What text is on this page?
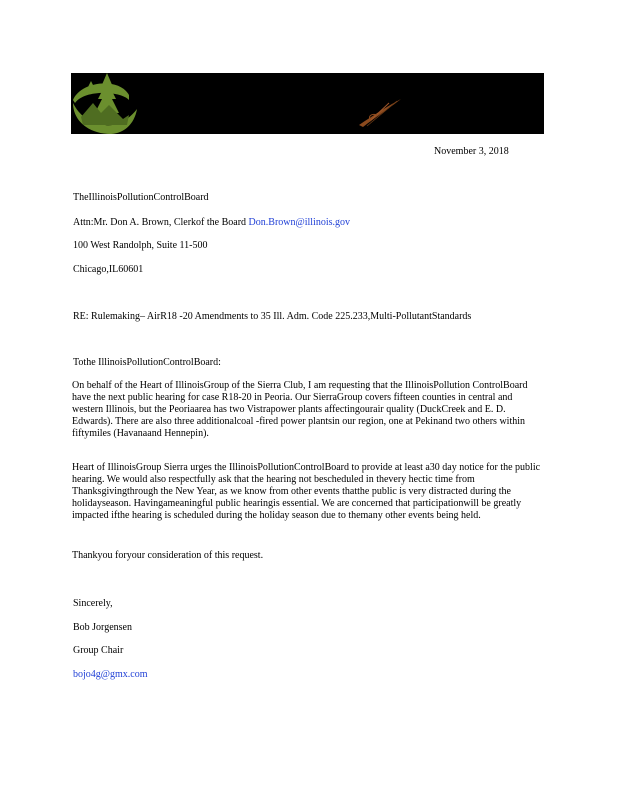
November 3, 2018
TheIllinoisPollutionControlBoard
Attn:Mr. Don A. Brown, Clerkof the Board Don.Brown@illinois.gov
100 West Randolph, Suite 11-500
Chicago,IL60601
RE: Rulemaking– AirR18 -20 Amendments to 35 Ill. Adm. Code 225.233,Multi-PollutantStandards
Tothe IllinoisPollutionControlBoard:
On behalf of the Heart of IllinoisGroup of the Sierra Club, I am requesting that the IllinoisPollution ControlBoard have the next public hearing for case R18-20 in Peoria. Our SierraGroup covers fifteen counties in central and western Illinois, but the Peoriaarea has two Vistrapower plants affectingourair quality (DuckCreek and E. D. Edwards). There are also three additionalcoal -fired power plantsin our region, one at Pekinand two others within fiftymiles (Havanaand Hennepin).
Heart of IllinoisGroup Sierra urges the IllinoisPollutionControlBoard to provide at least a30 day notice for the public hearing. We would also respectfully ask that the hearing not bescheduled in thevery hectic time from Thanksgivingthrough the New Year, as we know from other events thatthe public is very distracted during the holidayseason. Havingameaningful public hearingis essential. We are concerned that participationwill be greatly impacted ifthe hearing is scheduled during the holiday season due to themany other events being held.
Thankyou foryour consideration of this request.
Sincerely,
Bob Jorgensen
Group Chair
bojo4g@gmx.com
